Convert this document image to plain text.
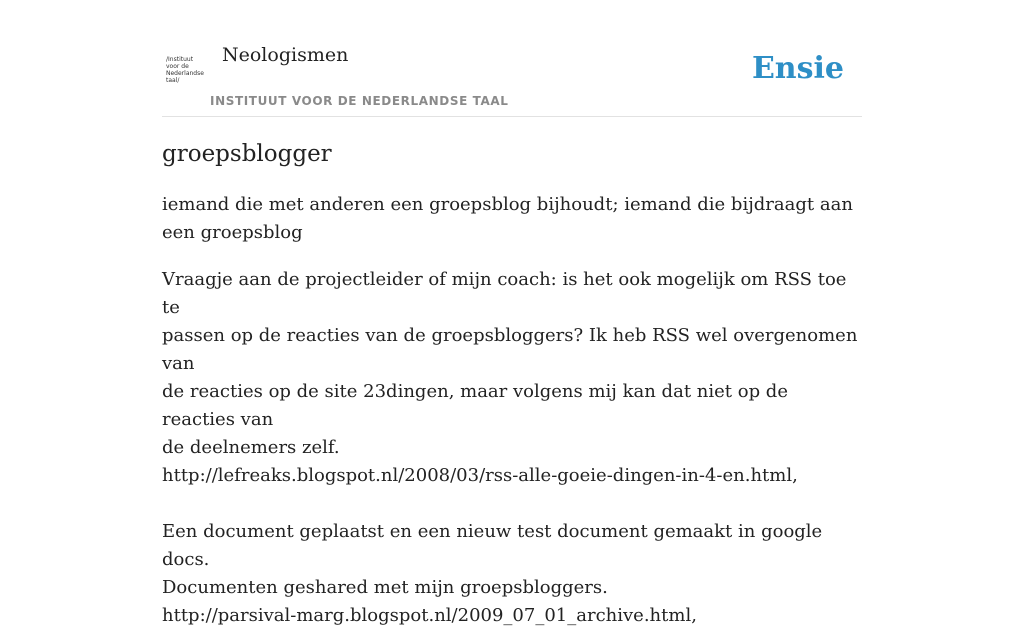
/Instituut
voor de
Nederlandse
taal/
Neologismen
INSTITUUT VOOR DE NEDERLANDSE TAAL
Ensie
groepsblogger

iemand die met anderen een groepsblog bijhoudt; iemand die bijdraagt aan een groepsblog

Vraagje aan de projectleider of mijn coach: is het ook mogelijk om RSS toe te
passen op de reacties van de groepsbloggers? Ik heb RSS wel overgenomen van
de reacties op de site 23dingen, maar volgens mij kan dat niet op de reacties van
de deelnemers zelf.
http://lefreaks.blogspot.nl/2008/03/rss-alle-goeie-dingen-in-4-en.html,
Een document geplaatst en een nieuw test document gemaakt in google docs.
Documenten geshared met mijn groepsbloggers.
http://parsival-marg.blogspot.nl/2009_07_01_archive.html,
